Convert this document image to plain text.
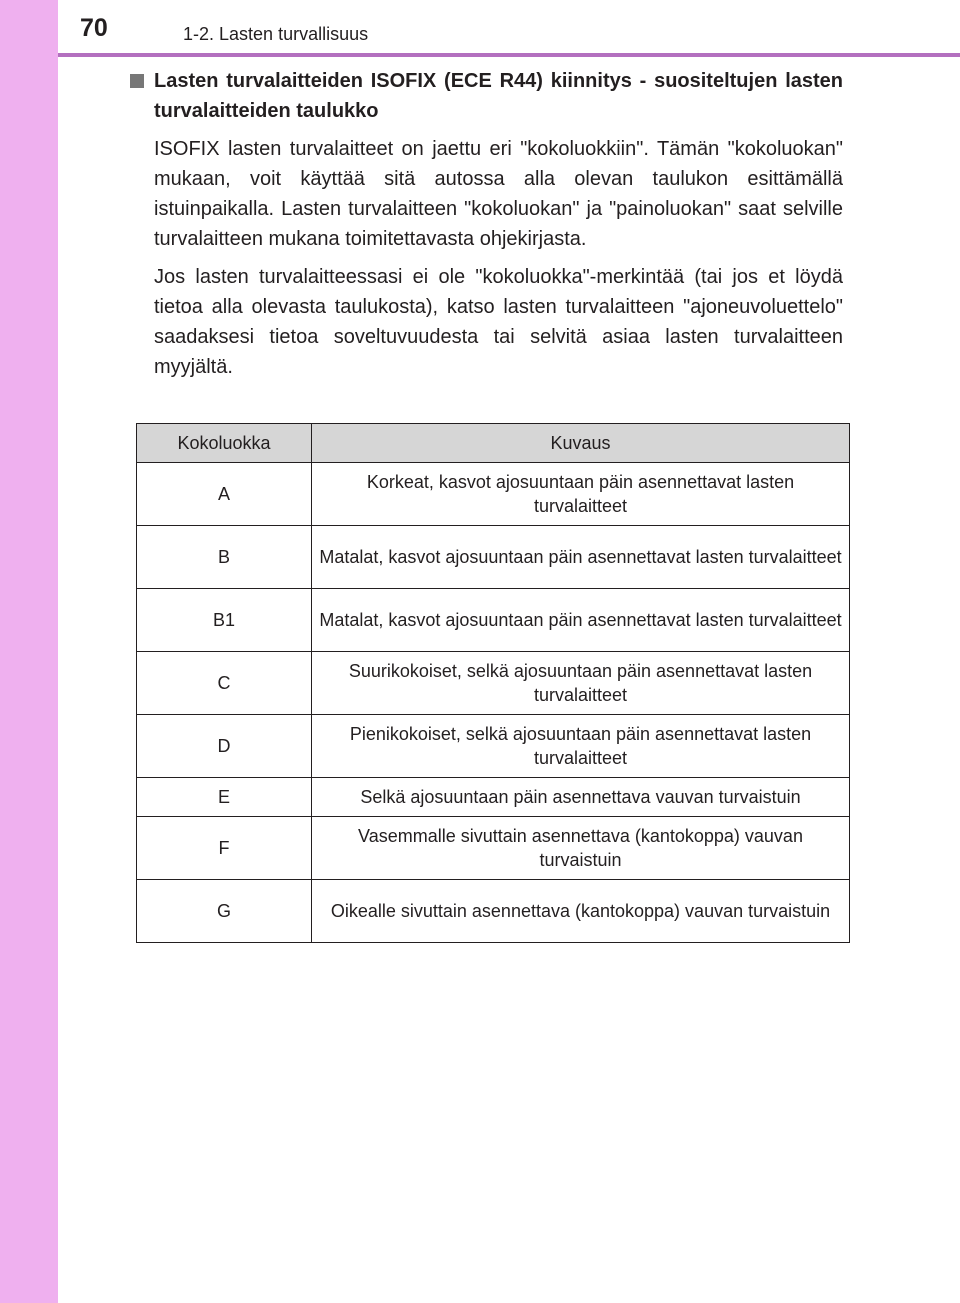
70	1-2. Lasten turvallisuus
Lasten turvalaitteiden ISOFIX (ECE R44) kiinnitys - suositeltujen lasten turvalaitteiden taulukko

ISOFIX lasten turvalaitteet on jaettu eri "kokoluokkiin". Tämän "kokoluokan" mukaan, voit käyttää sitä autossa alla olevan taulukon esittämällä istuinpaikalla. Lasten turvalaitteen "kokoluokan" ja "painoluokan" saat selville turvalaitteen mukana toimitettavasta ohjekirjasta.

Jos lasten turvalaitteessasi ei ole "kokoluokka"-merkintää (tai jos et löydä tietoa alla olevasta taulukosta), katso lasten turvalaitteen "ajoneuvoluettelo" saadaksesi tietoa soveltuvuudesta tai selvitä asiaa lasten turvalaitteen myyjältä.

Kokoluokka	Kuvaus
A	Korkeat, kasvot ajosuuntaan päin asennettavat lasten turvalaitteet
B	Matalat, kasvot ajosuuntaan päin asennettavat lasten turvalaitteet
B1	Matalat, kasvot ajosuuntaan päin asennettavat lasten turvalaitteet
C	Suurikokoiset, selkä ajosuuntaan päin asennettavat lasten turvalaitteet
D	Pienikokoiset, selkä ajosuuntaan päin asennettavat lasten turvalaitteet
E	Selkä ajosuuntaan päin asennettava vauvan turvaistuin
F	Vasemmalle sivuttain asennettava (kantokoppa) vauvan turvaistuin
G	Oikealle sivuttain asennettava (kantokoppa) vauvan turvaistuin
